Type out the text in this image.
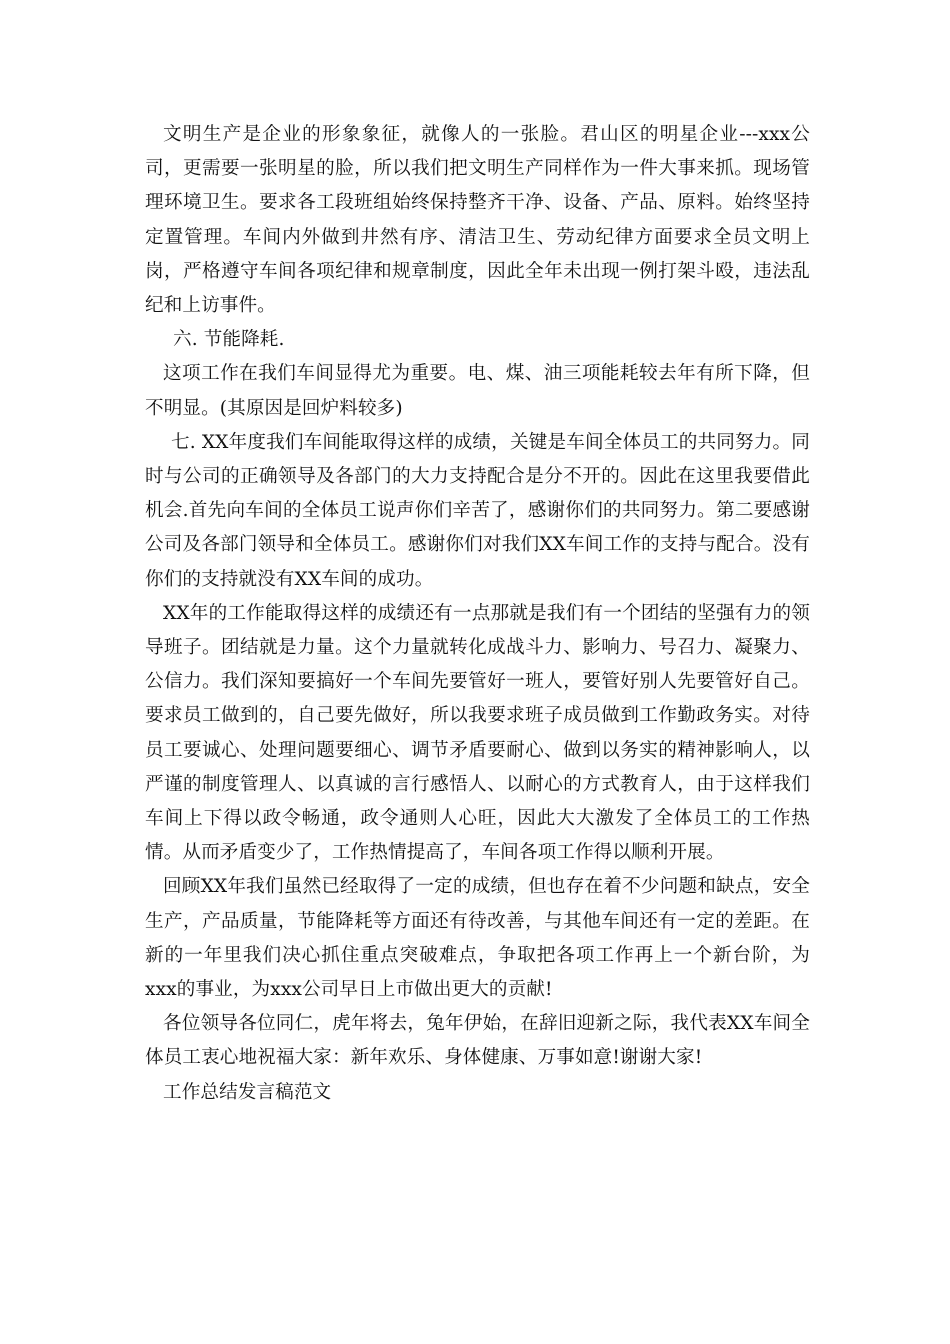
文明生产是企业的形象象征，就像人的一张脸。君山区的明星企业---xxx公司，更需要一张明星的脸，所以我们把文明生产同样作为一件大事来抓。现场管理环境卫生。要求各工段班组始终保持整齐干净、设备、产品、原料。始终坚持定置管理。车间内外做到井然有序、清洁卫生、劳动纪律方面要求全员文明上岗，严格遵守车间各项纪律和规章制度，因此全年未出现一例打架斗殴，违法乱纪和上访事件。

六. 节能降耗.

这项工作在我们车间显得尤为重要。电、煤、油三项能耗较去年有所下降，但不明显。(其原因是回炉料较多)

七. XX年度我们车间能取得这样的成绩，关键是车间全体员工的共同努力。同时与公司的正确领导及各部门的大力支持配合是分不开的。因此在这里我要借此机会.首先向车间的全体员工说声你们辛苦了，感谢你们的共同努力。第二要感谢公司及各部门领导和全体员工。感谢你们对我们XX车间工作的支持与配合。没有你们的支持就没有XX车间的成功。

XX年的工作能取得这样的成绩还有一点那就是我们有一个团结的坚强有力的领导班子。团结就是力量。这个力量就转化成战斗力、影响力、号召力、凝聚力、公信力。我们深知要搞好一个车间先要管好一班人，要管好别人先要管好自己。要求员工做到的，自己要先做好，所以我要求班子成员做到工作勤政务实。对待员工要诚心、处理问题要细心、调节矛盾要耐心、做到以务实的精神影响人，以严谨的制度管理人、以真诚的言行感悟人、以耐心的方式教育人，由于这样我们车间上下得以政令畅通，政令通则人心旺，因此大大激发了全体员工的工作热情。从而矛盾变少了，工作热情提高了，车间各项工作得以顺利开展。

回顾XX年我们虽然已经取得了一定的成绩，但也存在着不少问题和缺点，安全生产，产品质量，节能降耗等方面还有待改善，与其他车间还有一定的差距。在新的一年里我们决心抓住重点突破难点，争取把各项工作再上一个新台阶，为xxx的事业，为xxx公司早日上市做出更大的贡献!

各位领导各位同仁，虎年将去，兔年伊始，在辞旧迎新之际，我代表XX车间全体员工衷心地祝福大家：新年欢乐、身体健康、万事如意!谢谢大家!

工作总结发言稿范文
